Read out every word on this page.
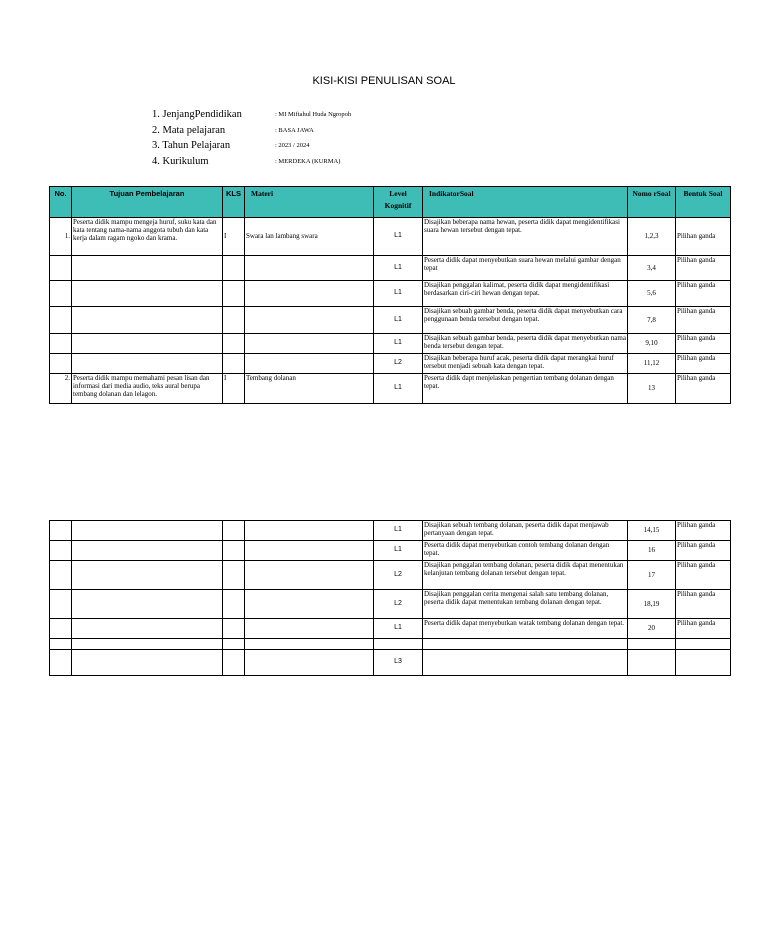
KISI-KISI PENULISAN SOAL
1. JenjangPendidikan	: MI Miftahul Huda Ngropoh
2. Mata pelajaran	: BASA JAWA
3. Tahun Pelajaran	: 2023 / 2024
4. Kurikulum	: MERDEKA (KURMA)
No.	Tujuan Pembelajaran	KLS	Materi	Level Kognitif	IndikatorSoal	Nomo rSoal	Bentuk Soal
1.	Peserta didik mampu mengeja huruf, suku kata dan kata tentang nama-nama anggota tubuh dan kata kerja dalam ragam ngoko dan krama.	I	Swara lan lambang swara	L1	Disajikan beberapa nama hewan, peserta didik dapat mengidentifikasi suara hewan tersebut dengan tepat.	1,2,3	Pilihan ganda
				L1	Peserta didik dapat menyebutkan suara hewan melalui gambar dengan tepat	3,4	Pilihan ganda
				L1	Disajikan penggalan kalimat, peserta didik dapat mengidentifikasi berdasarkan ciri-ciri hewan dengan tepat.	5,6	Pilihan ganda
				L1	Disajikan sebuah gambar benda, peserta didik dapat menyebutkan cara penggunaan benda tersebut dengan tepat.	7,8	Pilihan ganda
				L1	Disajikan sebuah gambar benda, peserta didik dapat menyebutkan nama benda tersebut dengan tepat.	9,10	Pilihan ganda
				L2	Disajikan beberapa huruf acak, peserta didik dapat merangkai huruf tersebut menjadi sebuah kata dengan tepat.	11,12	Pilihan ganda
2.	Peserta didik mampu memahami pesan lisan dan informasi dari media audio, teks aural berupa tembang dolanan dan lelagon.	I	Tembang dolanan	L1	Peserta didik dapt menjelaskan pengertian tembang dolanan dengan tepat.	13	Pilihan ganda
				L1	Disajikan sebuah tembang dolanan, peserta didik dapat menjawab pertanyaan dengan tepat.	14,15	Pilihan ganda
				L1	Peserta didik dapat menyebutkan contoh tembang dolanan dengan tepat.	16	Pilihan ganda
				L2	Disajikan penggalan tembang dolanan, peserta didik dapat menentukan kelanjutan tembang dolanan tersebut dengan tepat.	17	Pilihan ganda
				L2	Disajikan penggalan cerita mengenai salah satu tembang dolanan, peserta didik dapat menentukan tembang dolanan dengan tepat.	18,19	Pilihan ganda
				L1	Peserta didik dapat menyebutkan watak tembang dolanan dengan tepat.	20	Pilihan ganda

				L3			
